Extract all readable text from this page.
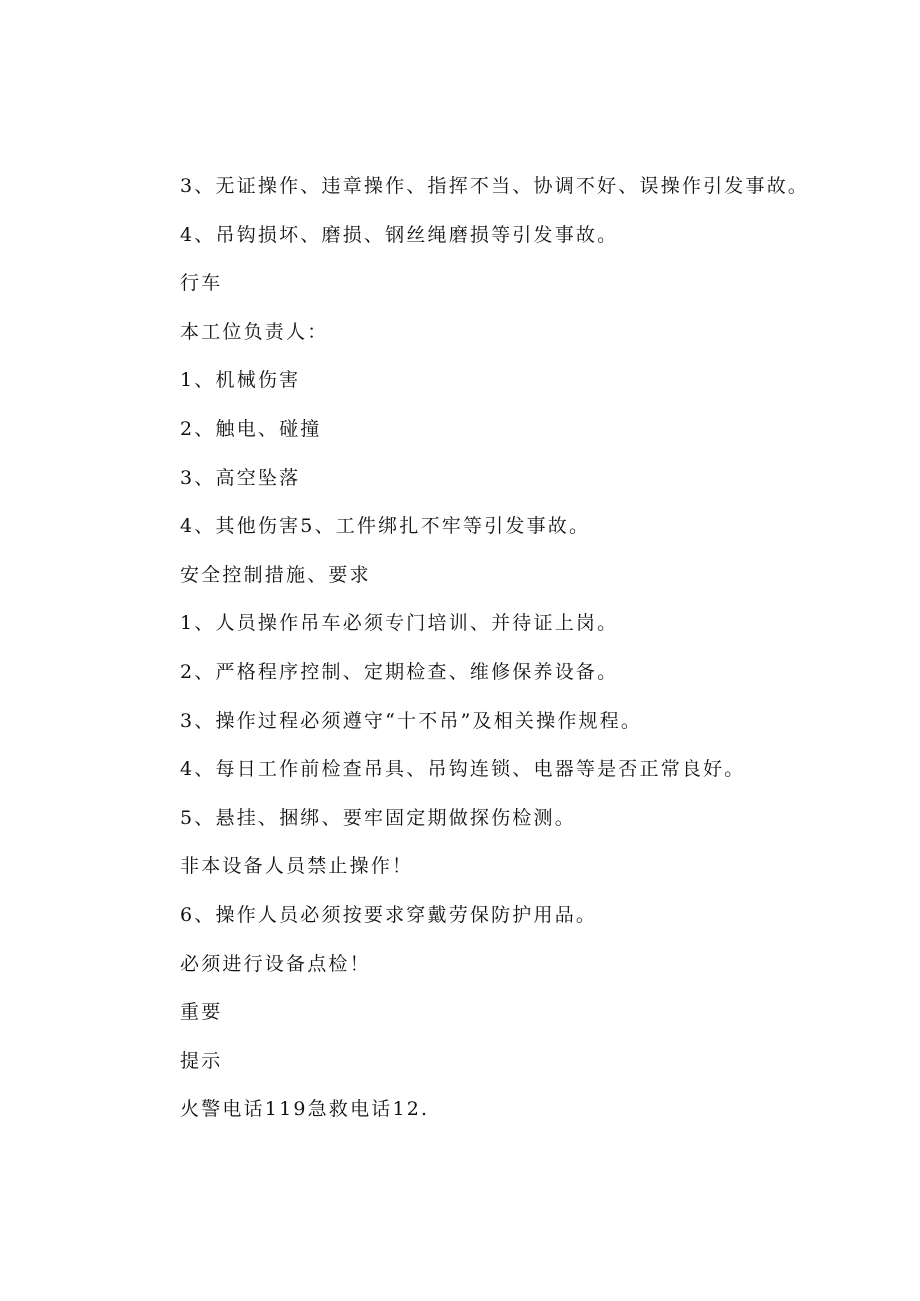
3、无证操作、违章操作、指挥不当、协调不好、误操作引发事故。
4、吊钩损坏、磨损、钢丝绳磨损等引发事故。
行车
本工位负责人：
1、机械伤害
2、触电、碰撞
3、高空坠落
4、其他伤害5、工件绑扎不牢等引发事故。
安全控制措施、要求
1、人员操作吊车必须专门培训、并待证上岗。
2、严格程序控制、定期检查、维修保养设备。
3、操作过程必须遵守“十不吊”及相关操作规程。
4、每日工作前检查吊具、吊钩连锁、电器等是否正常良好。
5、悬挂、捆绑、要牢固定期做探伤检测。
非本设备人员禁止操作！
6、操作人员必须按要求穿戴劳保防护用品。
必须进行设备点检！
重要
提示
火警电话119急救电话12.
